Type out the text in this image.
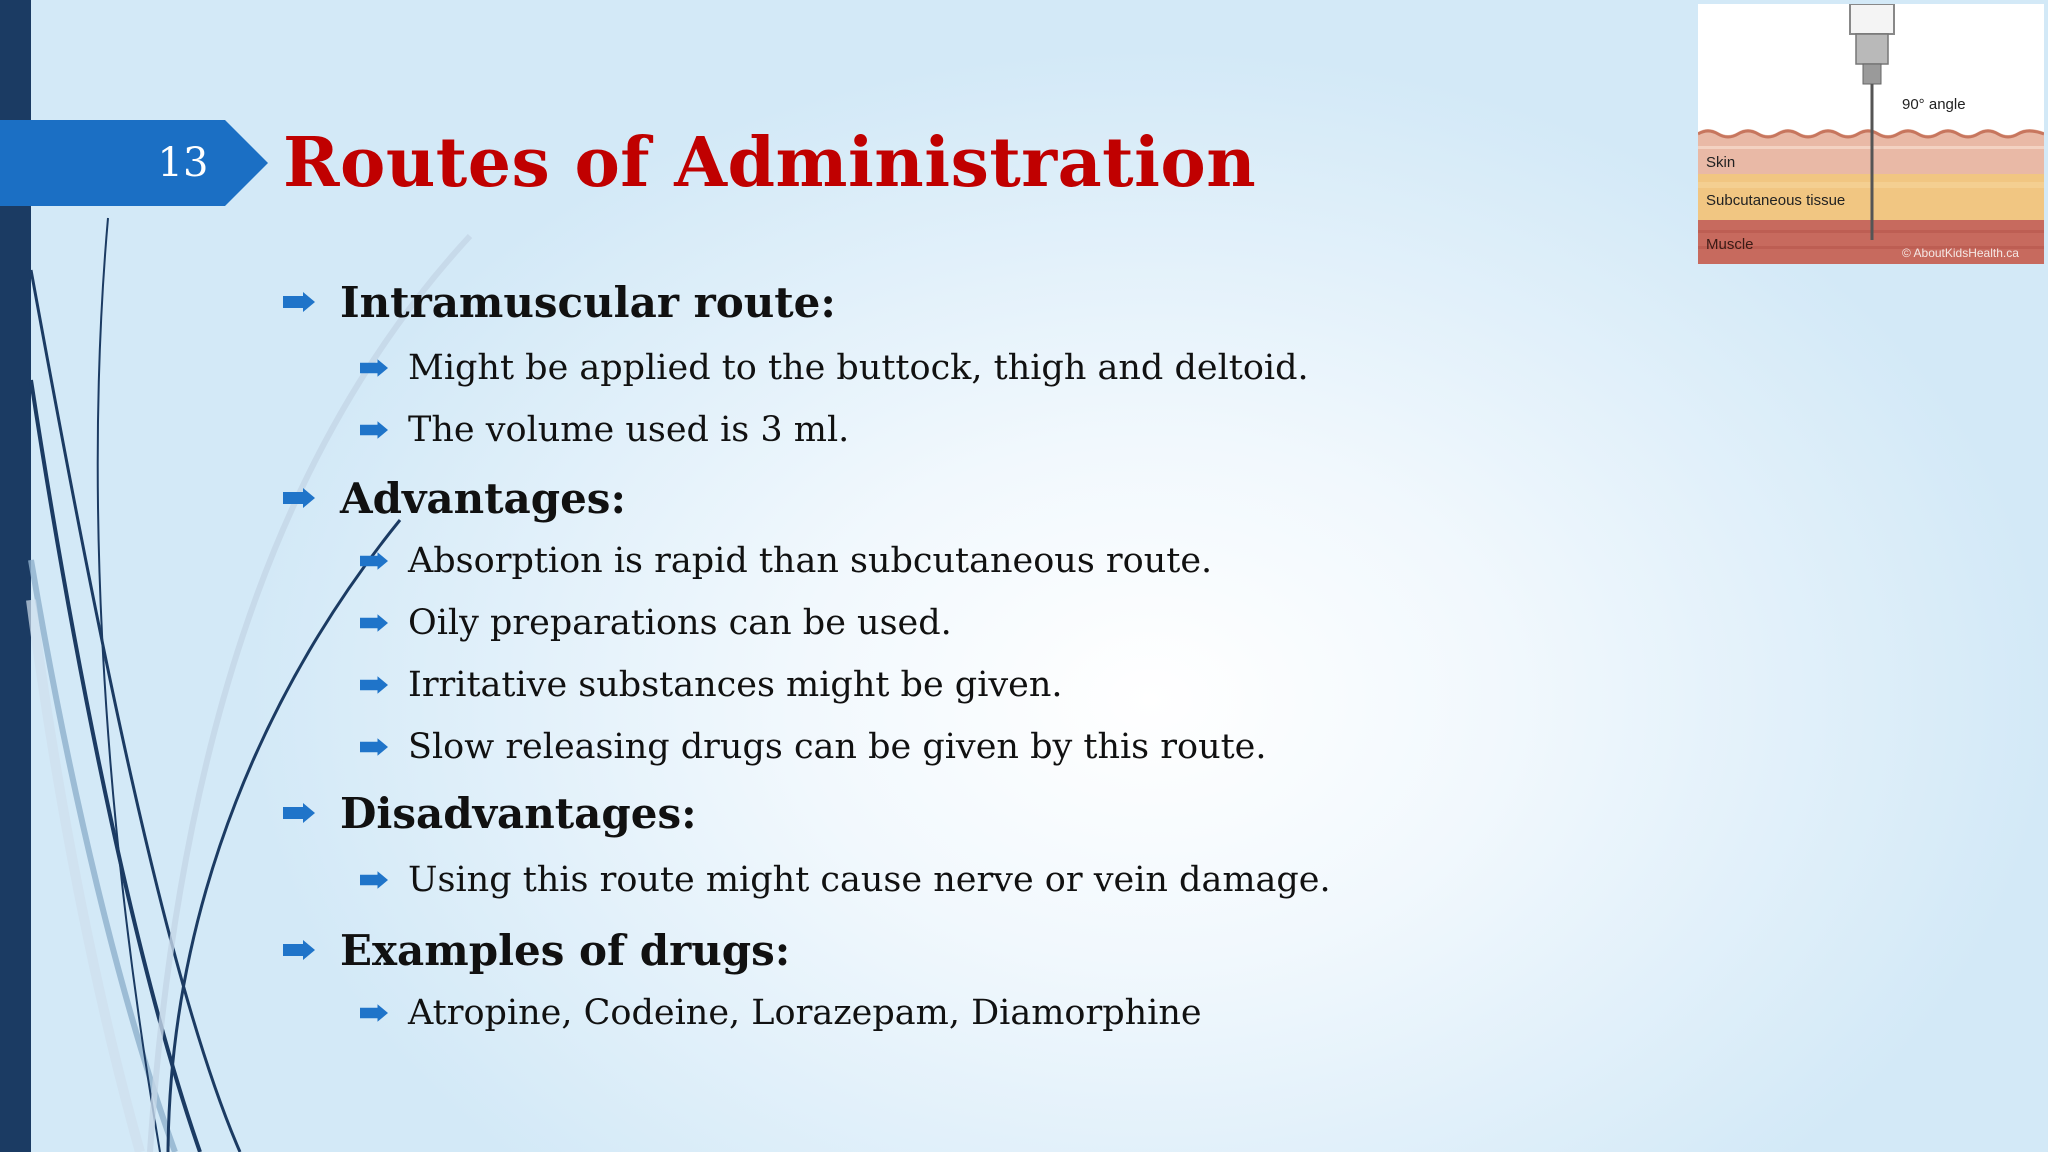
13 Routes of Administration
Intramuscular route:
Might be applied to the buttock, thigh and deltoid.
The volume used is 3 ml.
Advantages:
Absorption is rapid than subcutaneous route.
Oily preparations can be used.
Irritative substances might be given.
Slow releasing drugs can be given by this route.
Disadvantages:
Using this route might cause nerve or vein damage.
Examples of drugs:
Atropine, Codeine, Lorazepam, Diamorphine
90° angle
Skin
Subcutaneous tissue
Muscle	© AboutKidsHealth.ca
